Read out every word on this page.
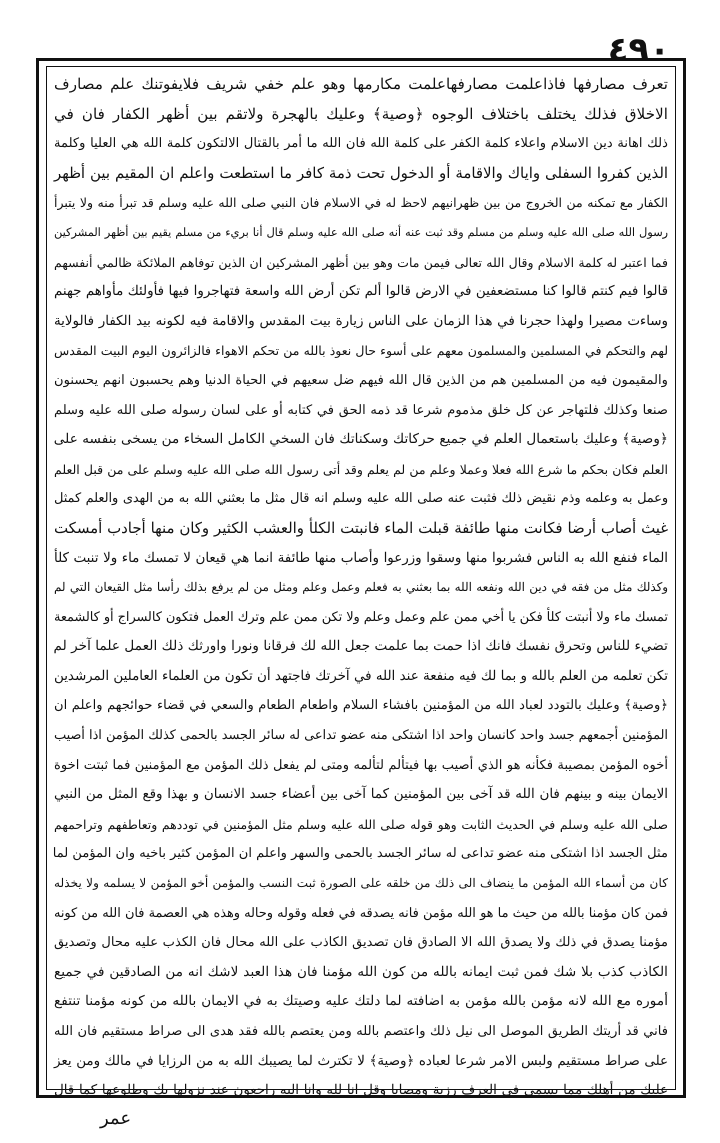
٤٩٠
تعرف مصارفها فاذاعلمت مصارفهاعلمت مكارمها وهو علم خفي شريف فلايفوتنك علم مصارف
الاخلاق فذلك يختلف باختلاف الوجوه ﴿وصية﴾ وعليك بالهجرة ولاتقم بين أظهر الكفار فان في
ذلك اهانة دين الاسلام واعلاء كلمة الكفر على كلمة الله فان الله ما أمر بالقتال الالتكون كلمة الله هي العليا وكلمة
الذين كفروا السفلى واياك والاقامة أو الدخول تحت ذمة كافر ما استطعت واعلم ان المقيم بين أظهر
الكفار مع تمكنه من الخروج من بين ظهرانيهم لاحظ له في الاسلام فان النبي صلى الله عليه وسلم قد تبرأ منه ولا يتبرأ
رسول الله صلى الله عليه وسلم من مسلم وقد ثبت عنه أنه صلى الله عليه وسلم قال أنا بريء من مسلم يقيم بين أظهر المشركين
فما اعتبر له كلمة الاسلام وقال الله تعالى فيمن مات وهو بين أظهر المشركين ان الذين توفاهم الملائكة ظالمي أنفسهم
قالوا فيم كنتم قالوا كنا مستضعفين في الارض قالوا ألم تكن أرض الله واسعة فتهاجروا فيها فأولئك مأواهم جهنم
وساءت مصيرا ولهذا حجرنا في هذا الزمان على الناس زيارة بيت المقدس والاقامة فيه لكونه بيد الكفار فالولاية
لهم والتحكم في المسلمين والمسلمون معهم على أسوء حال نعوذ بالله من تحكم الاهواء فالزائرون اليوم البيت المقدس
والمقيمون فيه من المسلمين هم من الذين قال الله فيهم ضل سعيهم في الحياة الدنيا وهم يحسبون انهم يحسنون
صنعا وكذلك فلتهاجر عن كل خلق مذموم شرعا قد ذمه الحق في كتابه أو على لسان رسوله صلى الله عليه وسلم
﴿وصية﴾ وعليك باستعمال العلم في جميع حركاتك وسكناتك فان السخي الكامل السخاء من يسخى بنفسه على
العلم فكان بحكم ما شرع الله فعلا وعملا وعلم من لم يعلم وقد أتى رسول الله صلى الله عليه وسلم على من قبل العلم
وعمل به وعلمه وذم نقيض ذلك فثبت عنه صلى الله عليه وسلم انه قال مثل ما بعثني الله به من الهدى والعلم كمثل
غيث أصاب أرضا فكانت منها طائفة قبلت الماء فانبتت الكلأ والعشب الكثير وكان منها أجادب أمسكت
الماء فنفع الله به الناس فشربوا منها وسقوا وزرعوا وأصاب منها طائفة انما هي قيعان لا تمسك ماء ولا تنبت كلأ
وكذلك مثل من فقه في دين الله ونفعه الله بما بعثني به فعلم وعمل وعلم ومثل من لم يرفع بذلك رأسا مثل القيعان التي لم
تمسك ماء ولا أنبتت كلأ فكن يا أخي ممن علم وعمل وعلم ولا تكن ممن علم وترك العمل فتكون كالسراج أو كالشمعة
تضيء للناس وتحرق نفسك فانك اذا حمت بما علمت جعل الله لك فرقانا ونورا واورثك ذلك العمل علما آخر لم
تكن تعلمه من العلم بالله و بما لك فيه منفعة عند الله في آخرتك فاجتهد أن تكون من العلماء العاملين المرشدين
﴿وصية﴾ وعليك بالتودد لعباد الله من المؤمنين بافشاء السلام واطعام الطعام والسعي في قضاء حوائجهم واعلم ان
المؤمنين أجمعهم جسد واحد كانسان واحد اذا اشتكى منه عضو تداعى له سائر الجسد بالحمى كذلك المؤمن اذا أصيب
أخوه المؤمن بمصيبة فكأنه هو الذي أصيب بها فيتألم لتألمه ومتى لم يفعل ذلك المؤمن مع المؤمنين فما ثبتت اخوة
الايمان بينه و بينهم فان الله قد آخى بين المؤمنين كما آخى بين أعضاء جسد الانسان و بهذا وقع المثل من النبي
صلى الله عليه وسلم في الحديث الثابت وهو قوله صلى الله عليه وسلم مثل المؤمنين في توددهم وتعاطفهم وتراحمهم
مثل الجسد اذا اشتكى منه عضو تداعى له سائر الجسد بالحمى والسهر واعلم ان المؤمن كثير باخيه وان المؤمن لما
كان من أسماء الله المؤمن ما ينضاف الى ذلك من خلقه على الصورة ثبت النسب والمؤمن أخو المؤمن لا يسلمه ولا يخذله
فمن كان مؤمنا بالله من حيث ما هو الله مؤمن فانه يصدقه في فعله وقوله وحاله وهذه هي العصمة فان الله من كونه
مؤمنا يصدق في ذلك ولا يصدق الله الا الصادق فان تصديق الكاذب على الله محال فان الكذب عليه محال وتصديق
الكاذب كذب بلا شك فمن ثبت ايمانه بالله من كون الله مؤمنا فان هذا العبد لاشك انه من الصادقين في جميع
أموره مع الله لانه مؤمن بالله مؤمن به اضافته لما دلتك عليه وصيتك به في الايمان بالله من كونه مؤمنا تنتفع
فاني قد أريتك الطريق الموصل الى نيل ذلك واعتصم بالله ومن يعتصم بالله فقد هدى الى صراط مستقيم فان الله
على صراط مستقيم ولبس الامر شرعا لعباده ﴿وصية﴾ لا تكترث لما يصيبك الله به من الرزايا في مالك ومن يعز
عليك من أهلك مما يسمى في العرف رزية ومصابا وقل انا لله وانا اليه راجعون عند نزولها بك وطلوعها كما قال
عمر
